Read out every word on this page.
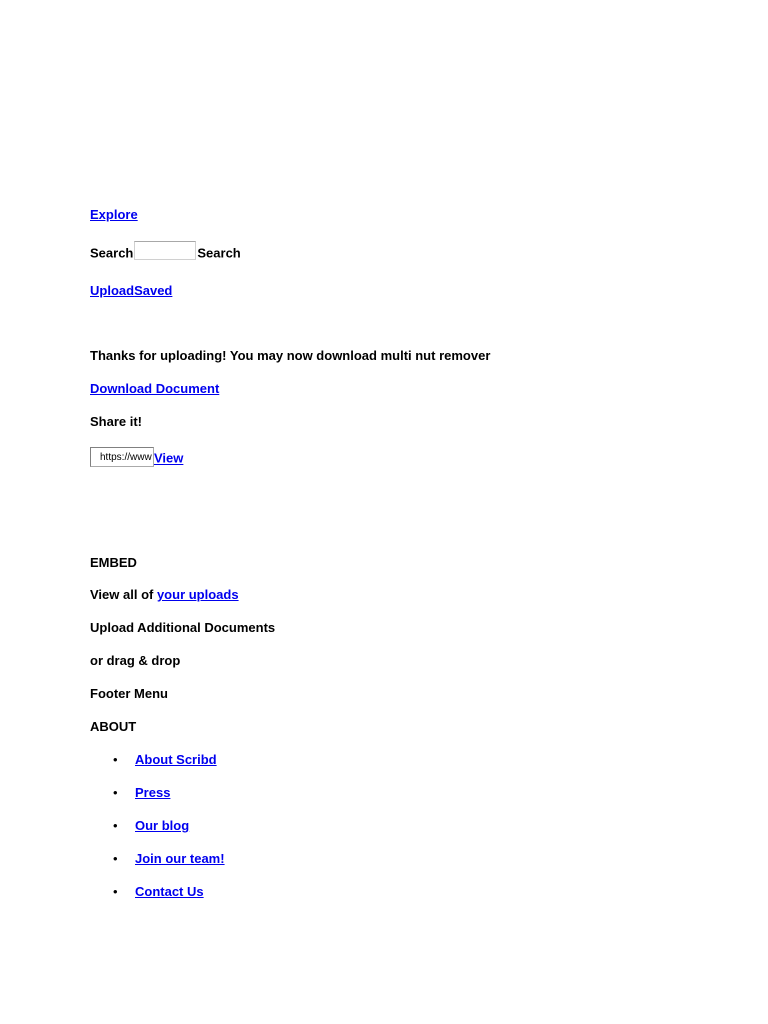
Explore
Search	Search
UploadSaved
Thanks for uploading! You may now download multi nut remover
Download Document
Share it!
https://wwwView
EMBED
View all of your uploads
Upload Additional Documents
or drag & drop
Footer Menu
ABOUT
• About Scribd
• Press
• Our blog
• Join our team!
• Contact Us
